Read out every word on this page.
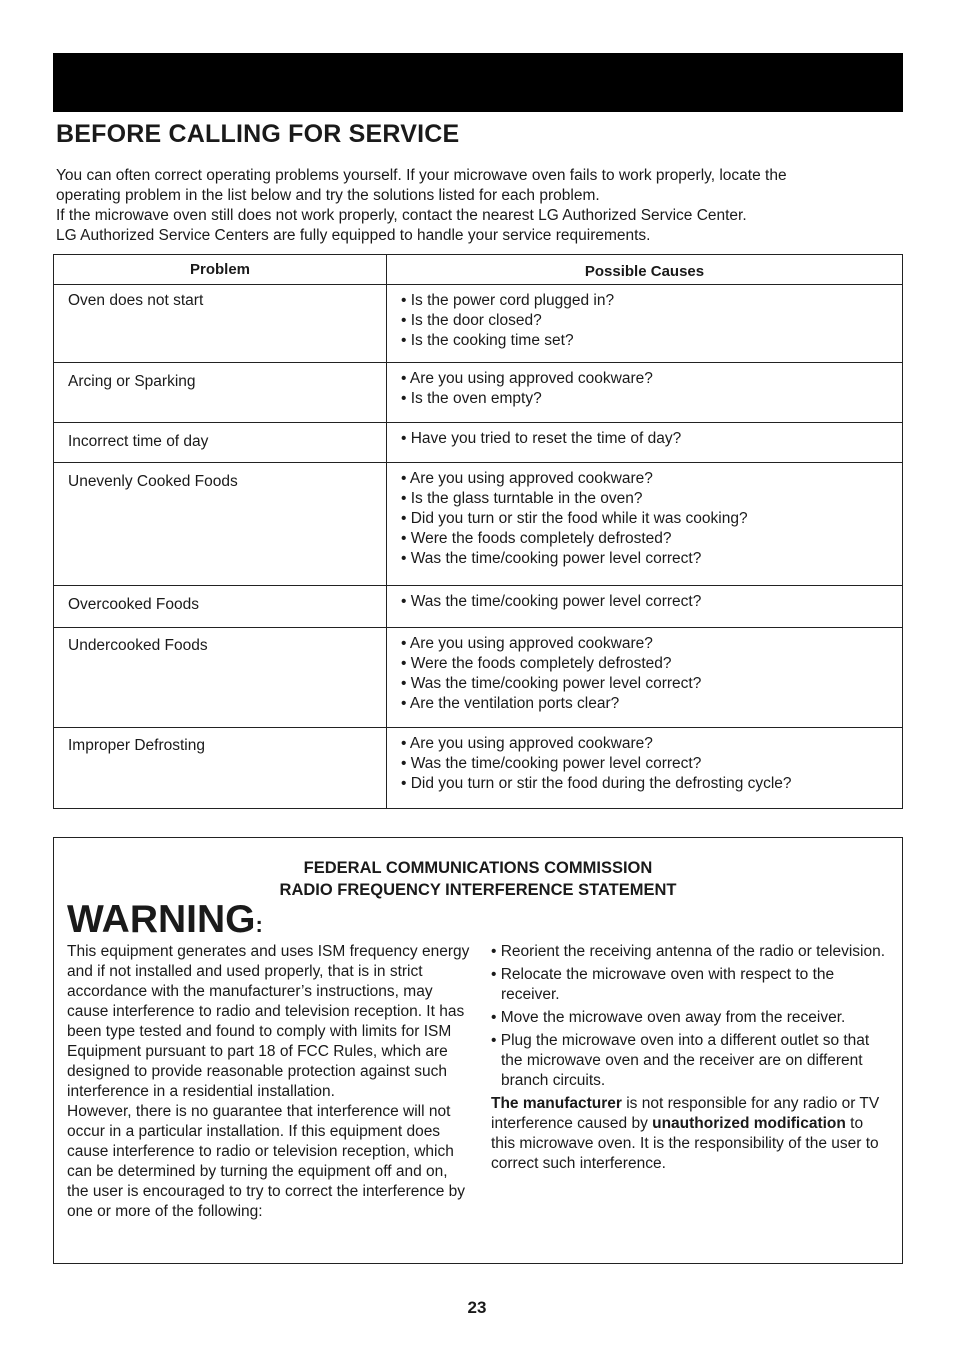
BEFORE CALLING FOR SERVICE
You can often correct operating problems yourself. If your microwave oven fails to work properly, locate the
operating problem in the list below and try the solutions listed for each problem.
If the microwave oven still does not work properly, contact the nearest LG Authorized Service Center.
LG Authorized Service Centers are fully equipped to handle your service requirements.
Problem	Possible Causes
Oven does not start	• Is the power cord plugged in?
• Is the door closed?
• Is the cooking time set?

Arcing or Sparking	• Are you using approved cookware?
• Is the oven empty?

Incorrect time of day	• Have you tried to reset the time of day?

Unevenly Cooked Foods	• Are you using approved cookware?
• Is the glass turntable in the oven?
• Did you turn or stir the food while it was cooking?
• Were the foods completely defrosted?
• Was the time/cooking power level correct?

Overcooked Foods	• Was the time/cooking power level correct?

Undercooked Foods	• Are you using approved cookware?
• Were the foods completely defrosted?
• Was the time/cooking power level correct?
• Are the ventilation ports clear?

Improper Defrosting	• Are you using approved cookware?
• Was the time/cooking power level correct?
• Did you turn or stir the food during the defrosting cycle?
FEDERAL COMMUNICATIONS COMMISSION
RADIO FREQUENCY INTERFERENCE STATEMENT
WARNING:
This equipment generates and uses ISM frequency energy and if not installed and used properly, that is in strict accordance with the manufacturer’s instructions, may cause interference to radio and television reception. It has been type tested and found to comply with limits for ISM Equipment pursuant to part 18 of FCC Rules, which are designed to provide reasonable protection against such interference in a residential installation.
However, there is no guarantee that interference will not occur in a particular installation. If this equipment does cause interference to radio or television reception, which can be determined by turning the equipment off and on, the user is encouraged to try to correct the interference by one or more of the following:
• Reorient the receiving antenna of the radio or television.
• Relocate the microwave oven with respect to the receiver.
• Move the microwave oven away from the receiver.
• Plug the microwave oven into a different outlet so that the microwave oven and the receiver are on different branch circuits.
The manufacturer is not responsible for any radio or TV interference caused by unauthorized modification to this microwave oven. It is the responsibility of the user to correct such interference.
23
